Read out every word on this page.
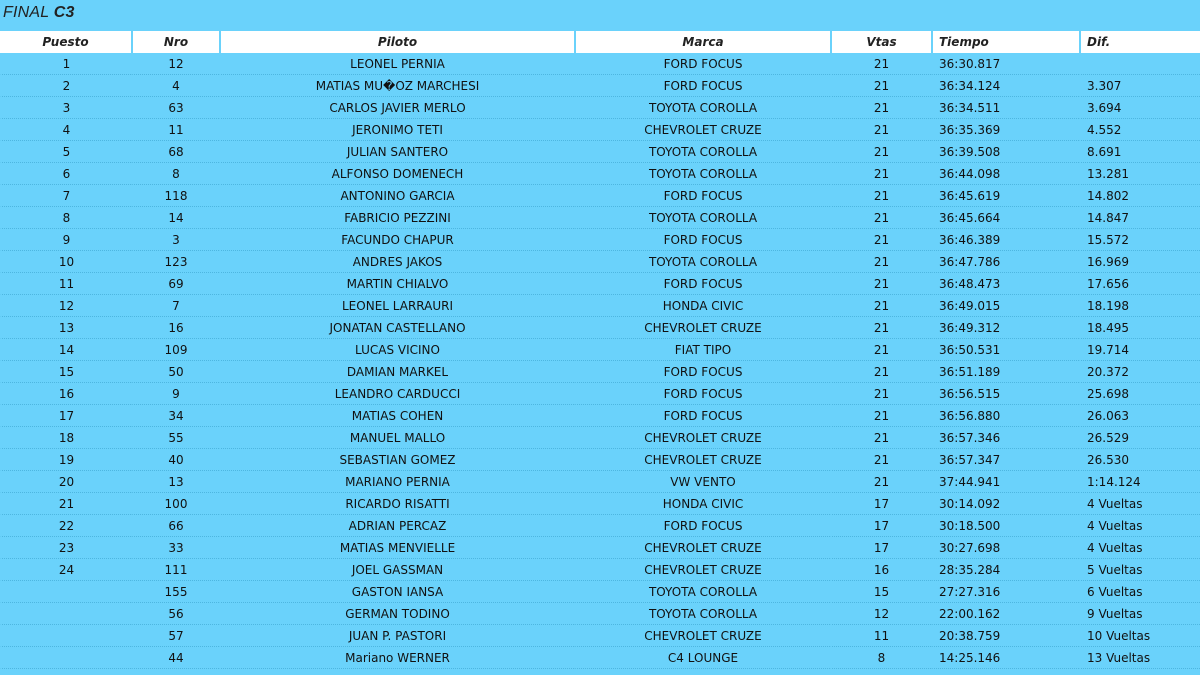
FINAL C3
Puesto	Nro	Piloto	Marca	Vtas	Tiempo	Dif.
1	12	LEONEL PERNIA	FORD FOCUS	21	36:30.817	
2	4	MATIAS MU�OZ MARCHESI	FORD FOCUS	21	36:34.124	3.307
3	63	CARLOS JAVIER MERLO	TOYOTA COROLLA	21	36:34.511	3.694
4	11	JERONIMO TETI	CHEVROLET CRUZE	21	36:35.369	4.552
5	68	JULIAN SANTERO	TOYOTA COROLLA	21	36:39.508	8.691
6	8	ALFONSO DOMENECH	TOYOTA COROLLA	21	36:44.098	13.281
7	118	ANTONINO GARCIA	FORD FOCUS	21	36:45.619	14.802
8	14	FABRICIO PEZZINI	TOYOTA COROLLA	21	36:45.664	14.847
9	3	FACUNDO CHAPUR	FORD FOCUS	21	36:46.389	15.572
10	123	ANDRES JAKOS	TOYOTA COROLLA	21	36:47.786	16.969
11	69	MARTIN CHIALVO	FORD FOCUS	21	36:48.473	17.656
12	7	LEONEL LARRAURI	HONDA CIVIC	21	36:49.015	18.198
13	16	JONATAN CASTELLANO	CHEVROLET CRUZE	21	36:49.312	18.495
14	109	LUCAS VICINO	FIAT TIPO	21	36:50.531	19.714
15	50	DAMIAN MARKEL	FORD FOCUS	21	36:51.189	20.372
16	9	LEANDRO CARDUCCI	FORD FOCUS	21	36:56.515	25.698
17	34	MATIAS COHEN	FORD FOCUS	21	36:56.880	26.063
18	55	MANUEL MALLO	CHEVROLET CRUZE	21	36:57.346	26.529
19	40	SEBASTIAN GOMEZ	CHEVROLET CRUZE	21	36:57.347	26.530
20	13	MARIANO PERNIA	VW VENTO	21	37:44.941	1:14.124
21	100	RICARDO RISATTI	HONDA CIVIC	17	30:14.092	4 Vueltas
22	66	ADRIAN PERCAZ	FORD FOCUS	17	30:18.500	4 Vueltas
23	33	MATIAS MENVIELLE	CHEVROLET CRUZE	17	30:27.698	4 Vueltas
24	111	JOEL GASSMAN	CHEVROLET CRUZE	16	28:35.284	5 Vueltas
	155	GASTON IANSA	TOYOTA COROLLA	15	27:27.316	6 Vueltas
	56	GERMAN TODINO	TOYOTA COROLLA	12	22:00.162	9 Vueltas
	57	JUAN P. PASTORI	CHEVROLET CRUZE	11	20:38.759	10 Vueltas
	44	Mariano WERNER	C4 LOUNGE	8	14:25.146	13 Vueltas
